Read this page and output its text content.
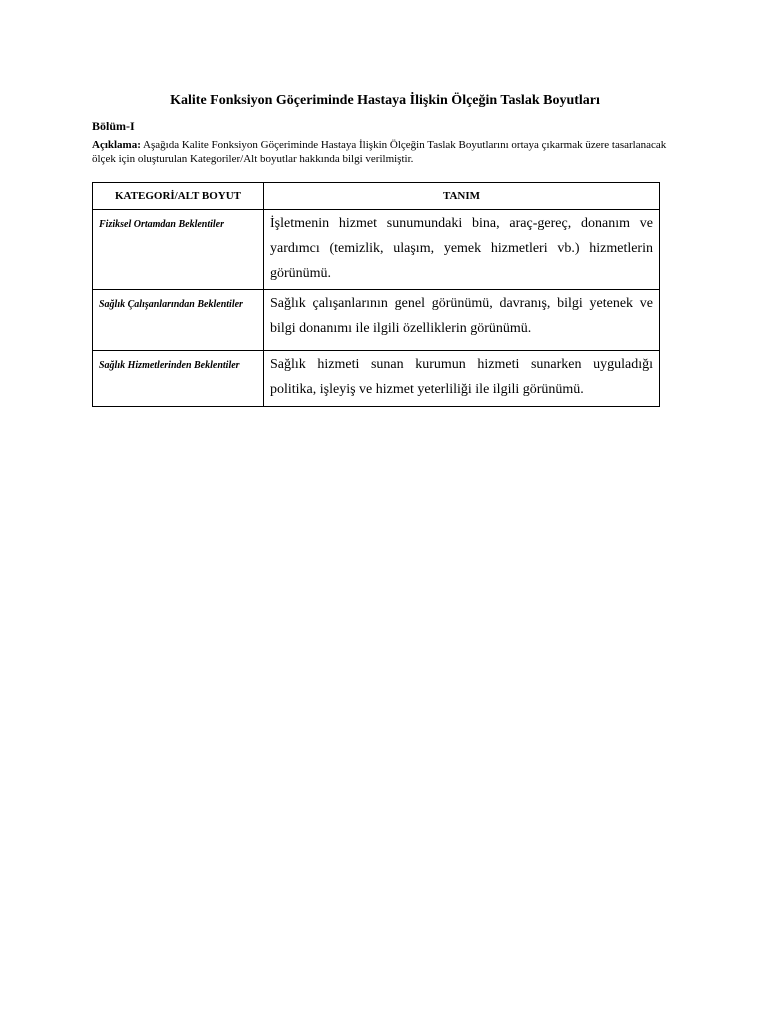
Kalite Fonksiyon Göçeriminde Hastaya İlişkin Ölçeğin Taslak Boyutları
Bölüm-I
Açıklama: Aşağıda Kalite Fonksiyon Göçeriminde Hastaya İlişkin Ölçeğin Taslak Boyutlarını ortaya çıkarmak üzere tasarlanacak ölçek için oluşturulan Kategoriler/Alt boyutlar hakkında bilgi verilmiştir.
KATEGORİ/ALT BOYUT	TANIM
Fiziksel Ortamdan Beklentiler	İşletmenin hizmet sunumundaki bina, araç-gereç, donanım ve yardımcı (temizlik, ulaşım, yemek hizmetleri vb.) hizmetlerin görünümü.
Sağlık Çalışanlarından Beklentiler	Sağlık çalışanlarının genel görünümü, davranış, bilgi yetenek ve bilgi donanımı ile ilgili özelliklerin görünümü.
Sağlık Hizmetlerinden Beklentiler	Sağlık hizmeti sunan kurumun hizmeti sunarken uyguladığı politika, işleyiş ve hizmet yeterliliği ile ilgili görünümü.
